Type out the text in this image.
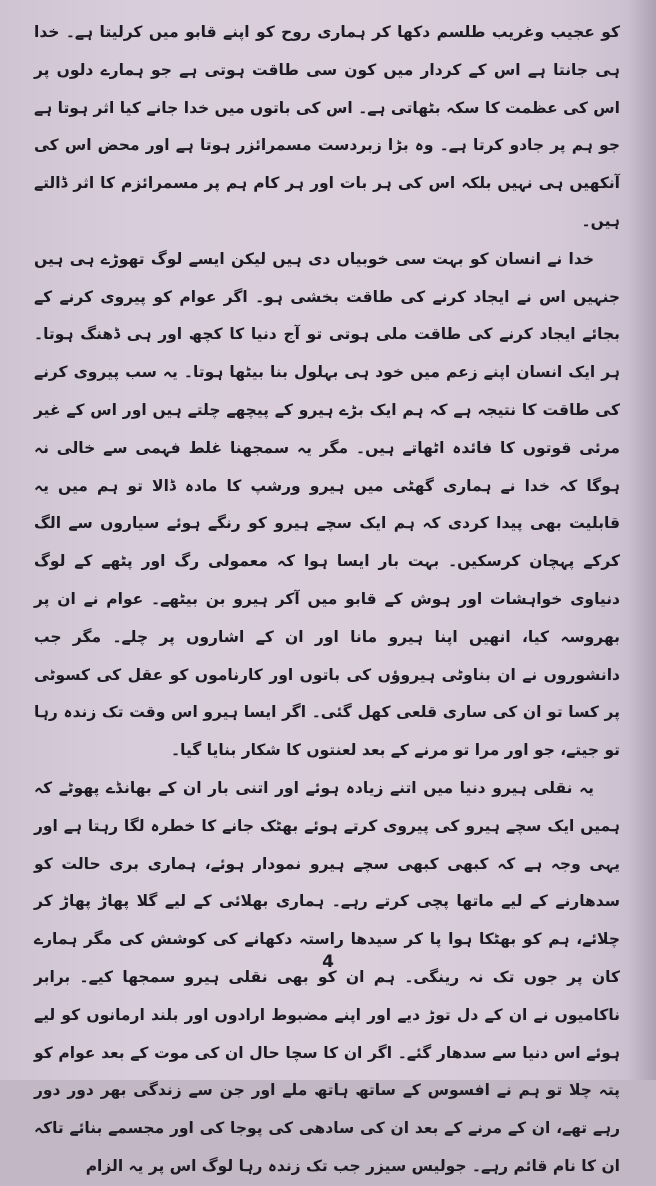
کو عجیب وغریب طلسم دکھا کر ہماری روح کو اپنے قابو میں کرلیتا ہے۔ خدا ہی جانتا ہے اس کے کردار میں کون سی طاقت ہوتی ہے جو ہمارے دلوں پر اس کی عظمت کا سکہ بٹھاتی ہے۔ اس کی باتوں میں خدا جانے کیا اثر ہوتا ہے جو ہم پر جادو کرتا ہے۔ وہ بڑا زبردست مسمرائزر ہوتا ہے اور محض اس کی آنکھیں ہی نہیں بلکہ اس کی ہر بات اور ہر کام ہم پر مسمرائزم کا اثر ڈالتے ہیں۔

خدا نے انسان کو بہت سی خوبیاں دی ہیں لیکن ایسے لوگ تھوڑے ہی ہیں جنہیں اس نے ایجاد کرنے کی طاقت بخشی ہو۔ اگر عوام کو پیروی کرنے کے بجائے ایجاد کرنے کی طاقت ملی ہوتی تو آج دنیا کا کچھ اور ہی ڈھنگ ہوتا۔ ہر ایک انسان اپنے زعم میں خود ہی بہلول بنا بیٹھا ہوتا۔ یہ سب پیروی کرنے کی طاقت کا نتیجہ ہے کہ ہم ایک بڑے ہیرو کے پیچھے چلتے ہیں اور اس کے غیر مرئی قوتوں کا فائدہ اٹھاتے ہیں۔ مگر یہ سمجھنا غلط فہمی سے خالی نہ ہوگا کہ خدا نے ہماری گھٹی میں ہیرو ورشپ کا مادہ ڈالا تو ہم میں یہ قابلیت بھی پیدا کردی کہ ہم ایک سچے ہیرو کو رنگے ہوئے سیاروں سے الگ کرکے پہچان کرسکیں۔ بہت بار ایسا ہوا کہ معمولی رگ اور پٹھے کے لوگ دنیاوی خواہشات اور ہوش کے قابو میں آکر ہیرو بن بیٹھے۔ عوام نے ان پر بھروسہ کیا، انھیں اپنا ہیرو مانا اور ان کے اشاروں پر چلے۔ مگر جب دانشوروں نے ان بناوٹی ہیروؤں کی باتوں اور کارناموں کو عقل کی کسوٹی پر کسا تو ان کی ساری قلعی کھل گئی۔ اگر ایسا ہیرو اس وقت تک زندہ رہا تو جیتے، جو اور مرا تو مرنے کے بعد لعنتوں کا شکار بنایا گیا۔

یہ نقلی ہیرو دنیا میں اتنے زیادہ ہوئے اور اتنی بار ان کے بھانڈے پھوٹے کہ ہمیں ایک سچے ہیرو کی پیروی کرتے ہوئے بھٹک جانے کا خطرہ لگا رہتا ہے اور یہی وجہ ہے کہ کبھی کبھی سچے ہیرو نمودار ہوئے، ہماری بری حالت کو سدھارنے کے لیے ماتھا پچی کرتے رہے۔ ہماری بھلائی کے لیے گلا پھاڑ پھاڑ کر چلائے، ہم کو بھٹکا ہوا پا کر سیدھا راستہ دکھانے کی کوشش کی مگر ہمارے کان پر جوں تک نہ رینگی۔ ہم ان کو بھی نقلی ہیرو سمجھا کیے۔ برابر ناکامیوں نے ان کے دل توڑ دیے اور اپنے مضبوط ارادوں اور بلند ارمانوں کو لیے ہوئے اس دنیا سے سدھار گئے۔ اگر ان کا سچا حال ان کی موت کے بعد عوام کو پتہ چلا تو ہم نے افسوس کے ساتھ ہاتھ ملے اور جن سے زندگی بھر دور دور رہے تھے، ان کے مرنے کے بعد ان کی سادھی کی پوجا کی اور مجسمے بنائے تاکہ ان کا نام قائم رہے۔ جولیس سیزر جب تک زندہ رہا لوگ اس پر یہ الزام

4
